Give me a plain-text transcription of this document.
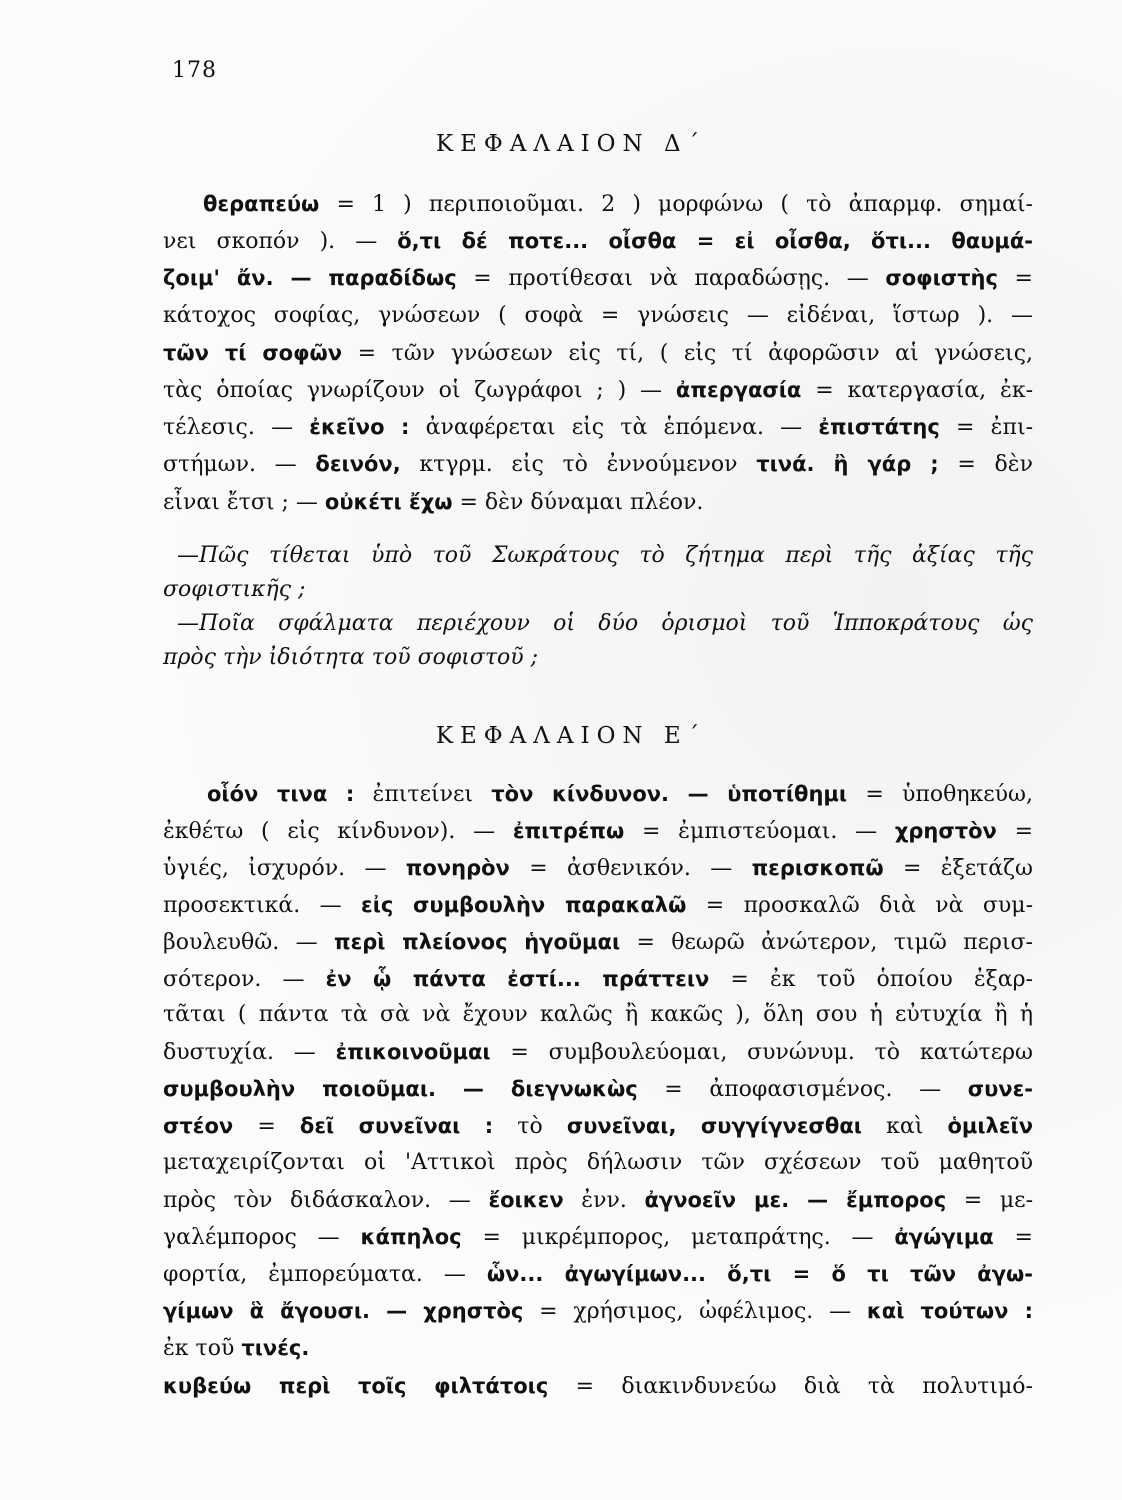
178
ΚΕΦΑΛΑΙΟΝ Δ΄
θεραπεύω = 1 ) περιποιοῦμαι. 2 ) μορφώνω ( τὸ ἀπαρμφ. σημαί-
νει σκοπόν ). — ὅ,τι δέ ποτε... οἶσθα = εἰ οἶσθα, ὅτι... θαυμά-
ζοιμ' ἄν. — παραδίδως = προτίθεσαι νὰ παραδώσῃς. — σοφιστὴς =
κάτοχος σοφίας, γνώσεων ( σοφὰ = γνώσεις — εἰδέναι, ἵστωρ ). —
τῶν τί σοφῶν = τῶν γνώσεων εἰς τί, ( εἰς τί ἀφορῶσιν αἱ γνώσεις,
τὰς ὁποίας γνωρίζουν οἱ ζωγράφοι ; ) — ἀπεργασία = κατεργασία, ἐκ-
τέλεσις. — ἐκεῖνο : ἀναφέρεται εἰς τὰ ἑπόμενα. — ἐπιστάτης = ἐπι-
στήμων. — δεινόν, κτγρμ. εἰς τὸ ἐννούμενον τινά. ἢ γάρ ; = δὲν
εἶναι ἔτσι ; — οὐκέτι ἔχω = δὲν δύναμαι πλέον.
—Πῶς τίθεται ὑπὸ τοῦ Σωκράτους τὸ ζήτημα περὶ τῆς ἀξίας τῆς
σοφιστικῆς ;
—Ποῖα σφάλματα περιέχουν οἱ δύο ὁρισμοὶ τοῦ Ἱπποκράτους ὡς
πρὸς τὴν ἰδιότητα τοῦ σοφιστοῦ ;
ΚΕΦΑΛΑΙΟΝ Ε΄
οἷόν τινα : ἐπιτείνει τὸν κίνδυνον. — ὑποτίθημι = ὑποθηκεύω,
ἐκθέτω ( εἰς κίνδυνον). — ἐπιτρέπω = ἐμπιστεύομαι. — χρηστὸν =
ὑγιές, ἰσχυρόν. — πονηρὸν = ἀσθενικόν. — περισκοπῶ = ἐξετάζω
προσεκτικά. — εἰς συμβουλὴν παρακαλῶ = προσκαλῶ διὰ νὰ συμ-
βουλευθῶ. — περὶ πλείονος ἡγοῦμαι = θεωρῶ ἀνώτερον, τιμῶ περισ-
σότερον. — ἐν ᾧ πάντα ἐστί... πράττειν = ἐκ τοῦ ὁποίου ἐξαρ-
τᾶται ( πάντα τὰ σὰ νὰ ἔχουν καλῶς ἢ κακῶς ), ὅλη σου ἡ εὐτυχία ἢ ἡ
δυστυχία. — ἐπικοινοῦμαι = συμβουλεύομαι, συνώνυμ. τὸ κατώτερω
συμβουλὴν ποιοῦμαι. — διεγνωκὼς = ἀποφασισμένος. — συνε-
στέον = δεῖ συνεῖναι : τὸ συνεῖναι, συγγίγνεσθαι καὶ ὁμιλεῖν
μεταχειρίζονται οἱ 'Αττικοὶ πρὸς δήλωσιν τῶν σχέσεων τοῦ μαθητοῦ
πρὸς τὸν διδάσκαλον. — ἔοικεν ἐνν. ἀγνοεῖν με. — ἔμπορος = με-
γαλέμπορος — κάπηλος = μικρέμπορος, μεταπράτης. — ἀγώγιμα =
φορτία, ἐμπορεύματα. — ὧν... ἀγωγίμων... ὅ,τι = ὅ τι τῶν ἀγω-
γίμων ἃ ἄγουσι. — χρηστὸς = χρήσιμος, ὠφέλιμος. — καὶ τούτων :
ἐκ τοῦ τινές.
κυβεύω περὶ τοῖς φιλτάτοις = διακινδυνεύω διὰ τὰ πολυτιμό-
